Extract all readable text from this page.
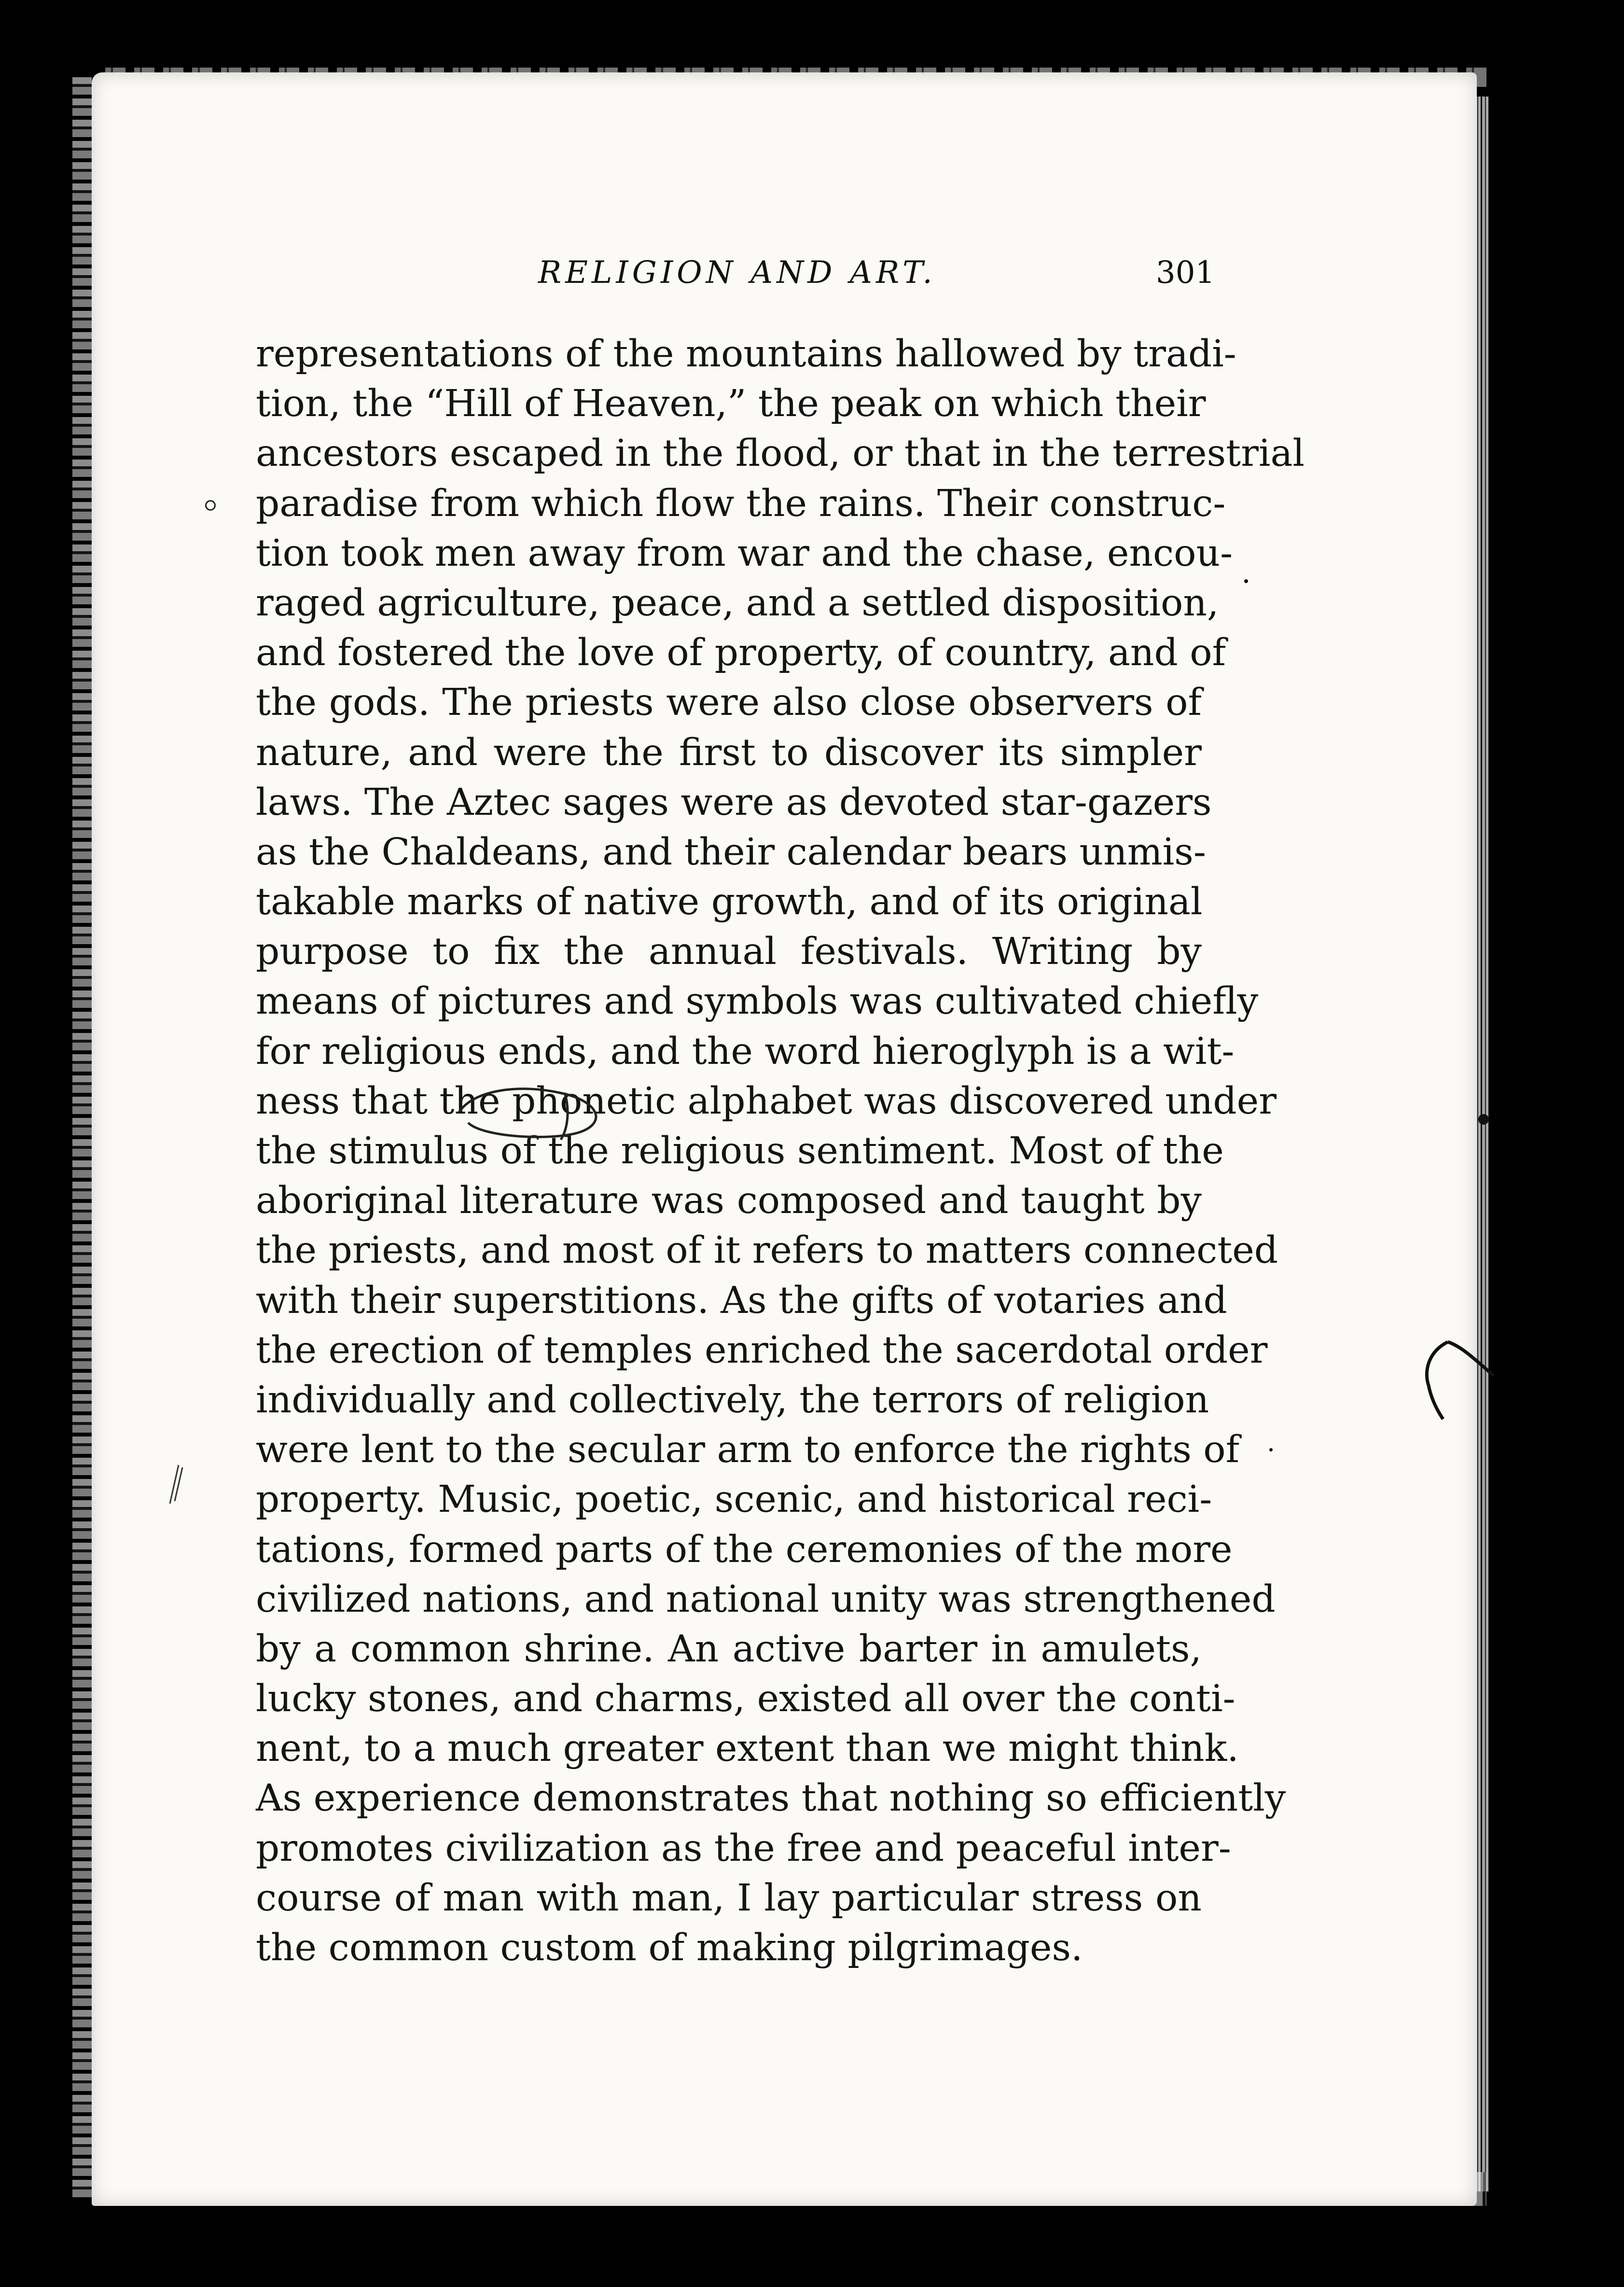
RELIGION AND ART.	301
representations of the mountains hallowed by tradi-
tion, the “Hill of Heaven,” the peak on which their
ancestors escaped in the flood, or that in the terrestrial
paradise from which flow the rains. Their construc-
tion took men away from war and the chase, encou-
raged agriculture, peace, and a settled disposition,
and fostered the love of property, of country, and of
the gods. The priests were also close observers of
nature, and were the first to discover its simpler
laws. The Aztec sages were as devoted star-gazers
as the Chaldeans, and their calendar bears unmis-
takable marks of native growth, and of its original
purpose to fix the annual festivals. Writing by
means of pictures and symbols was cultivated chiefly
for religious ends, and the word hieroglyph is a wit-
ness that the phonetic alphabet was discovered under
the stimulus of the religious sentiment. Most of the
aboriginal literature was composed and taught by
the priests, and most of it refers to matters connected
with their superstitions. As the gifts of votaries and
the erection of temples enriched the sacerdotal order
individually and collectively, the terrors of religion
were lent to the secular arm to enforce the rights of
property. Music, poetic, scenic, and historical reci-
tations, formed parts of the ceremonies of the more
civilized nations, and national unity was strengthened
by a common shrine. An active barter in amulets,
lucky stones, and charms, existed all over the conti-
nent, to a much greater extent than we might think.
As experience demonstrates that nothing so efficiently
promotes civilization as the free and peaceful inter-
course of man with man, I lay particular stress on
the common custom of making pilgrimages.
